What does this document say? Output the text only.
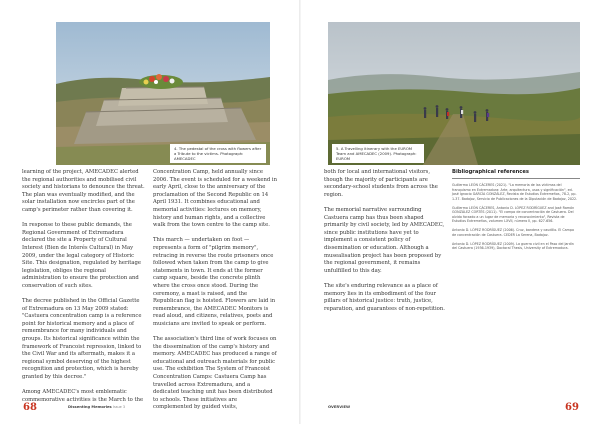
4. The pedestal of the cross with flowers after a Tribute to the victims. Photograph: AMECADEC

learning of the project, AMECADEC alerted the regional authorities and mobilised civil society and historians to denounce the threat. The plan was eventually modified, and the solar installation now encircles part of the camp's perimeter rather than covering it.

In response to these public demands, the Regional Government of Extremadura declared the site a Property of Cultural Interest (Bien de Interés Cultural) in May 2009, under the legal category of Historic Site. This designation, regulated by heritage legislation, obliges the regional administration to ensure the protection and conservation of such sites.

The decree published in the Official Gazette of Extremadura on 13 May 2009 stated: "Castuera concentration camp is a reference point for historical memory and a place of remembrance for many individuals and groups. Its historical significance within the framework of Francoist repression, linked to the Civil War and its aftermath, makes it a regional symbol deserving of the highest recognition and protection, which is hereby granted by this decree."

Among AMECADEC's most emblematic commemorative activities is the March to the

Concentration Camp, held annually since 2006. The event is scheduled for a weekend in early April, close to the anniversary of the proclamation of the Second Republic on 14 April 1931. It combines educational and memorial activities: lectures on memory, history and human rights, and a collective walk from the town centre to the camp site.

This march — undertaken on foot — represents a form of "pilgrim memory", retracing in reverse the route prisoners once followed when taken from the camp to give statements in town. It ends at the former camp square, beside the concrete plinth where the cross once stood. During the ceremony, a mast is raised, and the Republican flag is hoisted. Flowers are laid in remembrance, the AMECADEC Monitors is read aloud, and citizens, relatives, poets and musicians are invited to speak or perform.

The association's third line of work focuses on the dissemination of the camp's history and memory. AMECADEC has produced a range of educational and outreach materials for public use. The exhibition The System of Francoist Concentration Camps: Castuera Camp has travelled across Extremadura, and a dedicated teaching unit has been distributed to schools. These initiatives are complemented by guided visits,

68	Dissenting Memories Issue 3
5. A Travelling itinerary with the EUROM Team and AMECADEC (2009). Photograph: EUROM

both for local and international visitors, though the majority of participants are secondary-school students from across the region.

The memorial narrative surrounding Castuera camp has thus been shaped primarily by civil society, led by AMECADEC, since public institutions have yet to implement a consistent policy of dissemination or education. Although a musealisation project has been proposed by the regional government, it remains unfulfilled to this day.

The site's enduring relevance as a place of memory lies in its embodiment of the four pillars of historical justice: truth, justice, reparation, and guarantees of non-repetition.

69
OVERVIEW
Bibliographical references

Guillermo LEÓN CÁCERES (2021). "La memoria de las víctimas del franquismo en Extremadura: Arte, arquitectura, usos y significación", ed. José Ignacio GARCÍA GONZÁLEZ, Revista de Estudios Extremeños, 78-2, pp. 1-37. Badajoz, Servicio de Publicaciones de la Diputación de Badajoz, 2022.

Guillermo LEÓN CÁCERES, Antonio D. LÓPEZ RODRÍGUEZ and José Ramón GONZÁLEZ CORTÉS (2011). "El campo de concentración de Castuera. Del olvido forzado a un lugar de memoria y reconocimiento", Revista de Estudios Extremeños, volumen LXVII, número II, pp. 627-656.

Antonio D. LÓPEZ RODRÍGUEZ (2006). Cruz, bandera y caudillo. El Campo de concentración de Castuera. CEDER La Serena, Badajoz.

Antonio D. LÓPEZ RODRÍGUEZ (2009). La guerra civil en el Paso del Jardín del Castuera (1936-1939), Doctoral Thesis, University of Extremadura.
